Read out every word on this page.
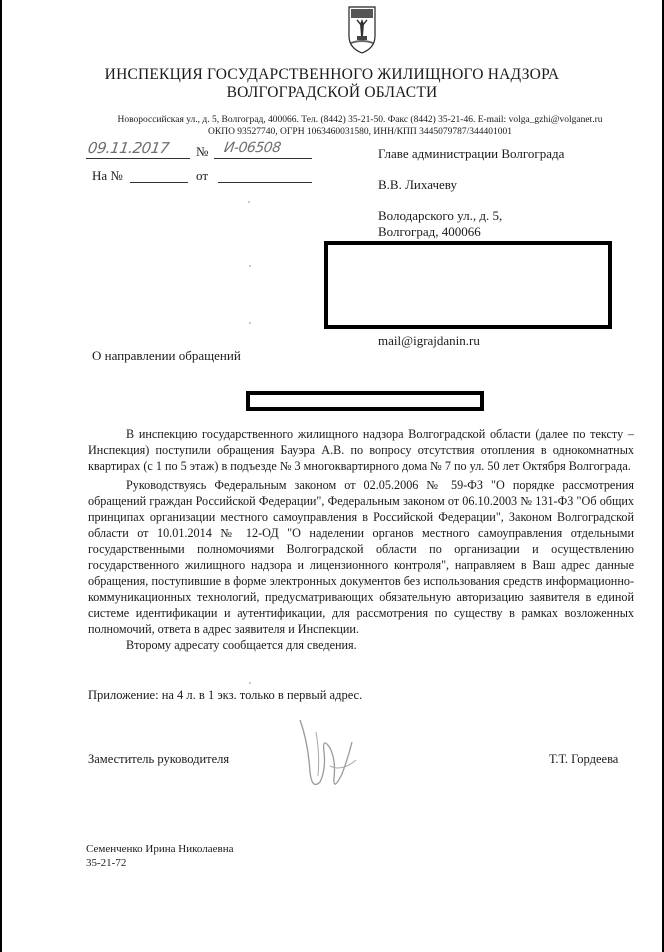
ИНСПЕКЦИЯ ГОСУДАРСТВЕННОГО ЖИЛИЩНОГО НАДЗОРА
ВОЛГОГРАДСКОЙ ОБЛАСТИ
Новороссийская ул., д. 5, Волгоград, 400066. Тел. (8442) 35-21-50. Факс (8442) 35-21-46. E-mail: volga_gzhi@volganet.ru
ОКПО 93527740, ОГРН 1063460031580, ИНН/КПП 3445079787/344401001
09.11.2017 № И-06508
На №	от
Главе администрации Волгограда
В.В. Лихачеву
Володарского ул., д. 5,
Волгоград, 400066
mail@igrajdanin.ru
О направлении обращений

В инспекцию государственного жилищного надзора Волгоградской области (далее по тексту – Инспекция) поступили обращения Бауэра А.В. по вопросу отсутствия отопления в однокомнатных квартирах (с 1 по 5 этаж) в подъезде № 3 многоквартирного дома № 7 по ул. 50 лет Октября Волгограда.

Руководствуясь Федеральным законом от 02.05.2006 № 59-ФЗ "О порядке рассмотрения обращений граждан Российской Федерации", Федеральным законом от 06.10.2003 № 131-ФЗ "Об общих принципах организации местного самоуправления в Российской Федерации", Законом Волгоградской области от 10.01.2014 № 12-ОД "О наделении органов местного самоуправления отдельными государственными полномочиями Волгоградской области по организации и осуществлению государственного жилищного надзора и лицензионного контроля", направляем в Ваш адрес данные обращения, поступившие в форме электронных документов без использования средств информационно-коммуникационных технологий, предусматривающих обязательную авторизацию заявителя в единой системе идентификации и аутентификации, для рассмотрения по существу в рамках возложенных полномочий, ответа в адрес заявителя и Инспекции.

Второму адресату сообщается для сведения.

Приложение: на 4 л. в 1 экз. только в первый адрес.
Заместитель руководителя	Т.Т. Гордеева
Семенченко Ирина Николаевна
35-21-72
